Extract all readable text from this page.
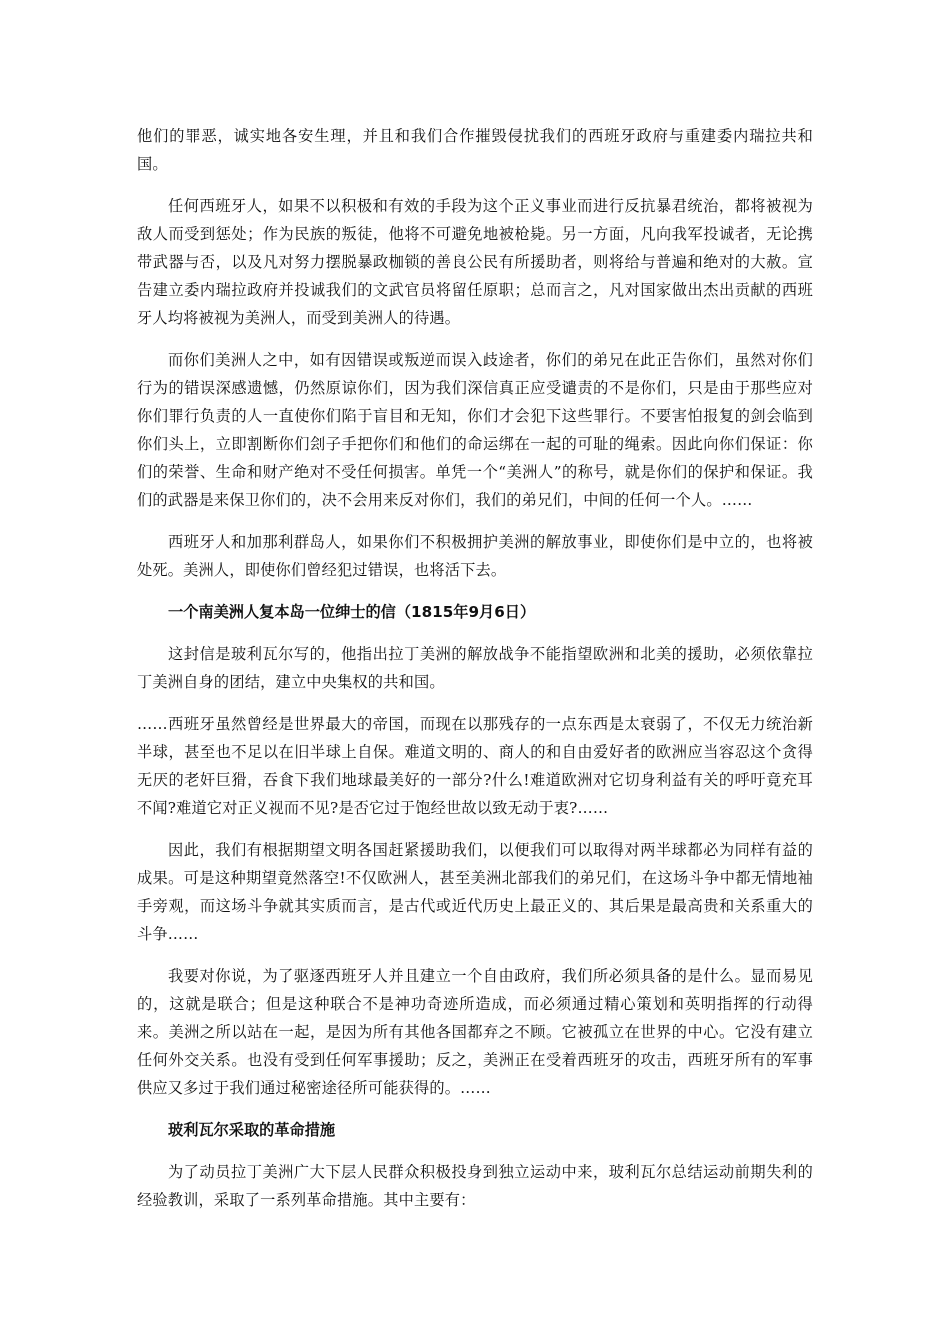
他们的罪恶，诚实地各安生理，并且和我们合作摧毁侵扰我们的西班牙政府与重建委内瑞拉共和国。

任何西班牙人，如果不以积极和有效的手段为这个正义事业而进行反抗暴君统治，都将被视为敌人而受到惩处；作为民族的叛徒，他将不可避免地被枪毙。另一方面，凡向我军投诚者，无论携带武器与否，以及凡对努力摆脱暴政枷锁的善良公民有所援助者，则将给与普遍和绝对的大赦。宣告建立委内瑞拉政府并投诚我们的文武官员将留任原职；总而言之，凡对国家做出杰出贡献的西班牙人均将被视为美洲人，而受到美洲人的待遇。

而你们美洲人之中，如有因错误或叛逆而误入歧途者，你们的弟兄在此正告你们，虽然对你们行为的错误深感遗憾，仍然原谅你们，因为我们深信真正应受谴责的不是你们，只是由于那些应对你们罪行负责的人一直使你们陷于盲目和无知，你们才会犯下这些罪行。不要害怕报复的剑会临到你们头上，立即割断你们刽子手把你们和他们的命运绑在一起的可耻的绳索。因此向你们保证：你们的荣誉、生命和财产绝对不受任何损害。单凭一个“美洲人”的称号，就是你们的保护和保证。我们的武器是来保卫你们的，决不会用来反对你们，我们的弟兄们，中间的任何一个人。……

西班牙人和加那利群岛人，如果你们不积极拥护美洲的解放事业，即使你们是中立的，也将被处死。美洲人，即使你们曾经犯过错误，也将活下去。

一个南美洲人复本岛一位绅士的信（1815年9月6日）

这封信是玻利瓦尔写的，他指出拉丁美洲的解放战争不能指望欧洲和北美的援助，必须依靠拉丁美洲自身的团结，建立中央集权的共和国。

……西班牙虽然曾经是世界最大的帝国，而现在以那残存的一点东西是太衰弱了，不仅无力统治新半球，甚至也不足以在旧半球上自保。难道文明的、商人的和自由爱好者的欧洲应当容忍这个贪得无厌的老奸巨猾，吞食下我们地球最美好的一部分?什么!难道欧洲对它切身利益有关的呼吁竟充耳不闻?难道它对正义视而不见?是否它过于饱经世故以致无动于衷?……

因此，我们有根据期望文明各国赶紧援助我们，以便我们可以取得对两半球都必为同样有益的成果。可是这种期望竟然落空!不仅欧洲人，甚至美洲北部我们的弟兄们，在这场斗争中都无情地袖手旁观，而这场斗争就其实质而言，是古代或近代历史上最正义的、其后果是最高贵和关系重大的斗争……

我要对你说，为了驱逐西班牙人并且建立一个自由政府，我们所必须具备的是什么。显而易见的，这就是联合；但是这种联合不是神功奇迹所造成，而必须通过精心策划和英明指挥的行动得来。美洲之所以站在一起，是因为所有其他各国都弃之不顾。它被孤立在世界的中心。它没有建立任何外交关系。也没有受到任何军事援助；反之，美洲正在受着西班牙的攻击，西班牙所有的军事供应又多过于我们通过秘密途径所可能获得的。……

玻利瓦尔采取的革命措施

为了动员拉丁美洲广大下层人民群众积极投身到独立运动中来，玻利瓦尔总结运动前期失利的经验教训，采取了一系列革命措施。其中主要有：
